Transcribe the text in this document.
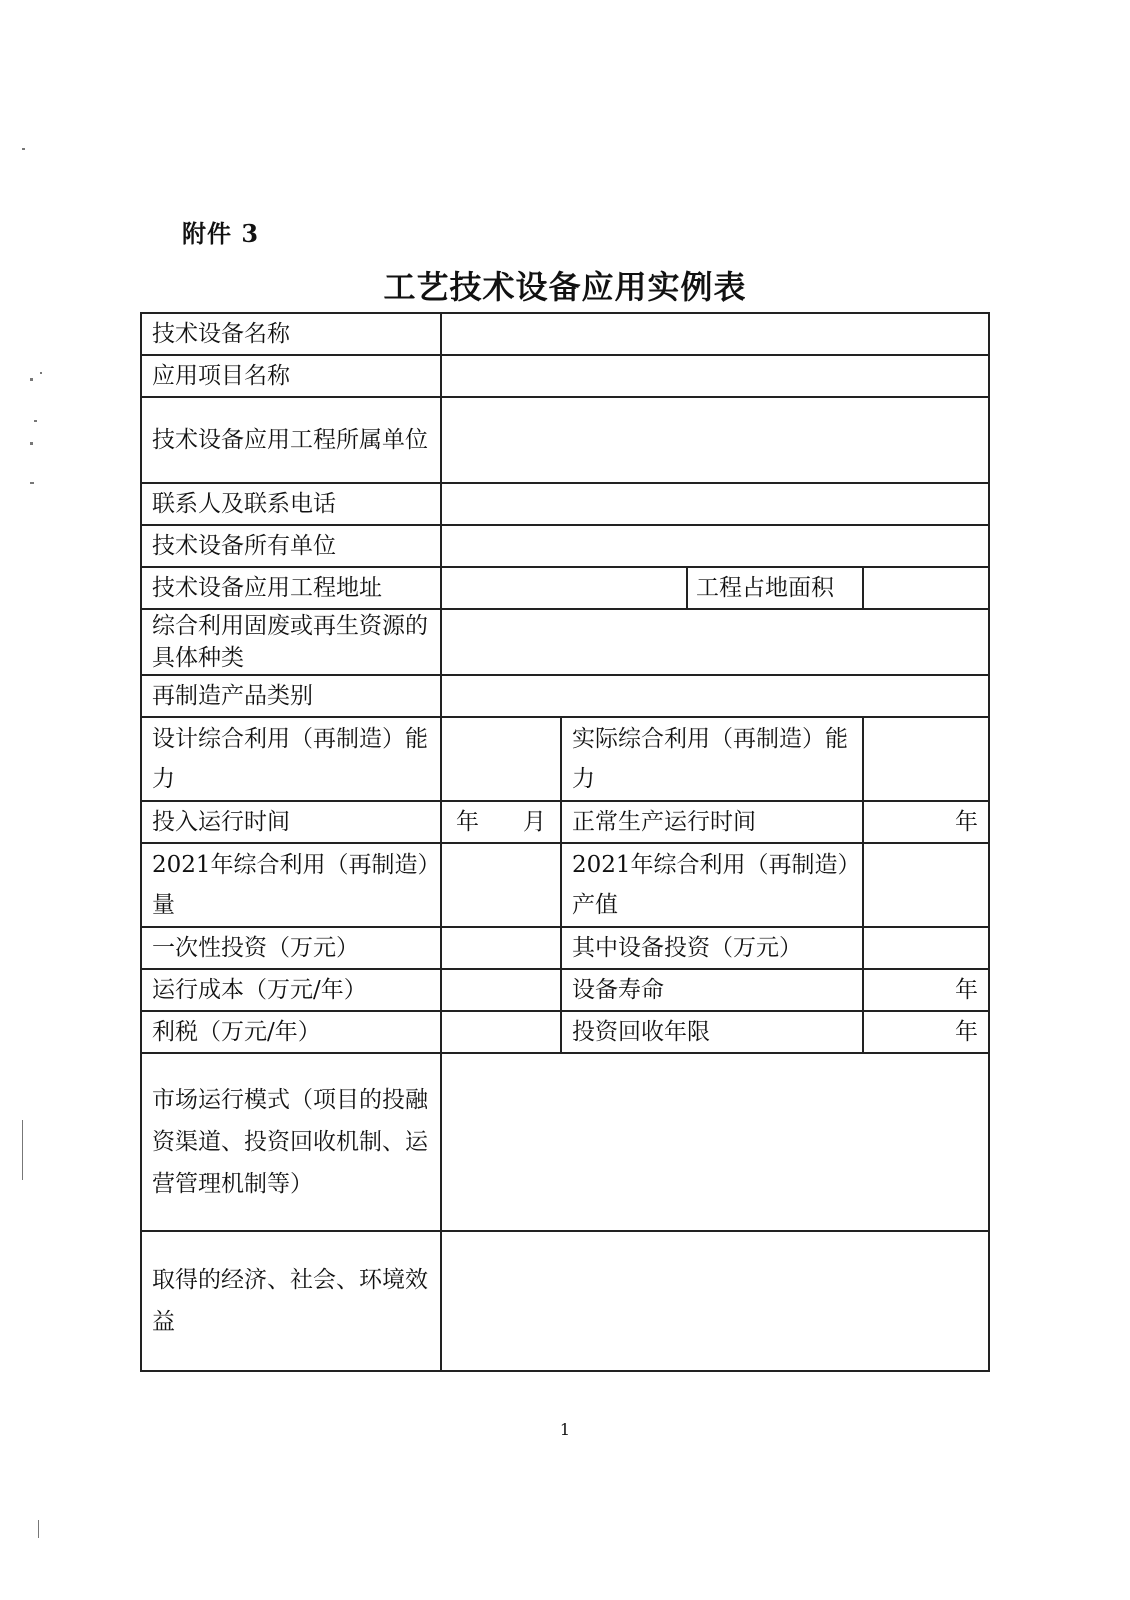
附件 3
工艺技术设备应用实例表
技术设备名称				
应用项目名称				
技术设备应用工程所属单位				
联系人及联系电话				
技术设备所有单位				
技术设备应用工程地址			工程占地面积	
综合利用固废或再生资源的具体种类				
再制造产品类别				
设计综合利用（再制造）能力		实际综合利用（再制造）能力		
投入运行时间	年 月	正常生产运行时间		年
2021年综合利用（再制造）量		2021年综合利用（再制造）产值		
一次性投资（万元）		其中设备投资（万元）		
运行成本（万元/年）		设备寿命		年
利税（万元/年）		投资回收年限		年
市场运行模式（项目的投融资渠道、投资回收机制、运营管理机制等）				
取得的经济、社会、环境效益				
1
